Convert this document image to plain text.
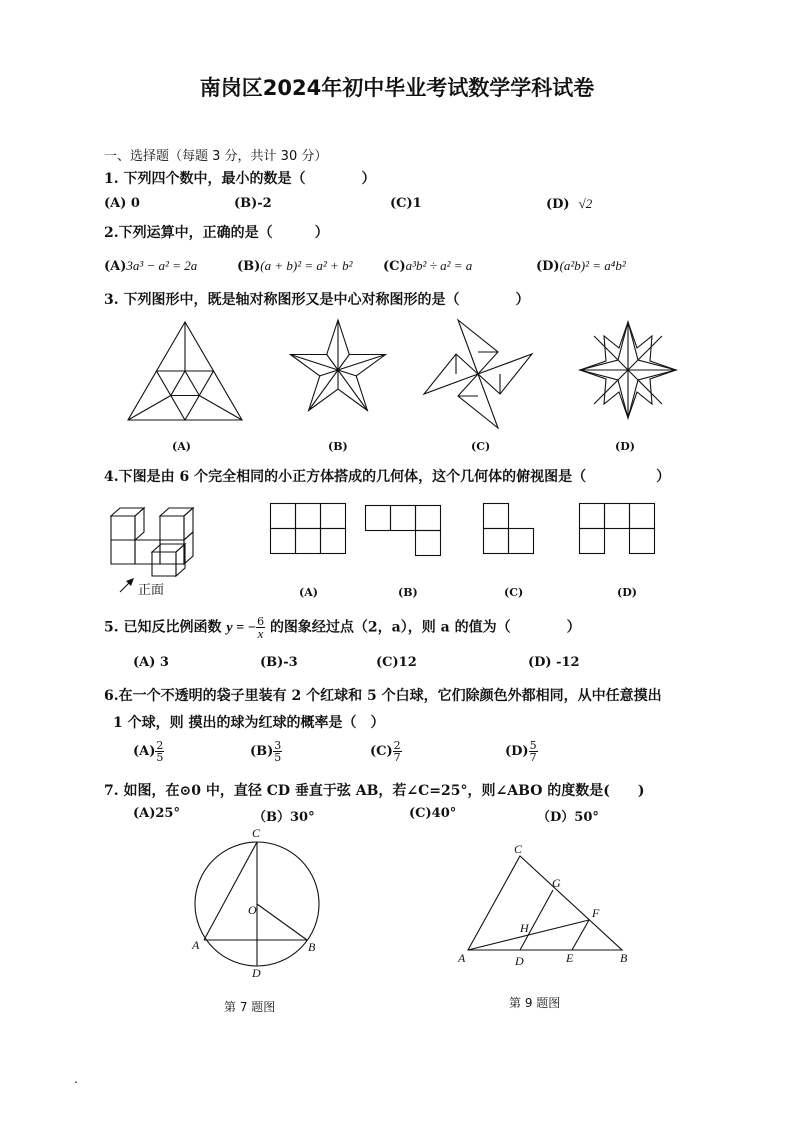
南岗区2024年初中毕业考试数学学科试卷
一、选择题（每题 3 分，共计 30 分）
1. 下列四个数中，最小的数是（　　　　）
(A) 0	(B)-2	(C)1	(D) √2
2.下列运算中，正确的是（　　　）
(A)3a³ − a² = 2a	(B)(a + b)² = a² + b² (C)a³b² ÷ a² = a	(D)(a²b)² = a⁴b²
3. 下列图形中，既是轴对称图形又是中心对称图形的是（　　　　）
(A)	(B)	(C)	(D)
4.下图是由 6 个完全相同的小正方体搭成的几何体，这个几何体的俯视图是（　　　　　）
正面	(A)	(B)	(C)	(D)
5. 已知反比例函数 y = − $\frac{6}{x}$ 的图象经过点（2，a），则 a 的值为（　　　　）
(A) 3	(B)-3	(C)12	(D) -12
6.在一个不透明的袋子里装有 2 个红球和 5 个白球，它们除颜色外都相同，从中任意摸出
1 个球，则 摸出的球为红球的概率是（　）
$(A) \frac{2}{5}$	$(B) \frac{3}{5}$	$(C) \frac{2}{7}$	$(D) \frac{5}{7}$
7. 如图，在⊙0 中，直径 CD 垂直于弦 AB，若∠C=25°，则∠ABO 的度数是(　　)
(A)25°	（B）30°	(C)40°	（D）50°
C
O
A	B
D
第 7 题图
C
G
F
H
A	D	E	B
第 9 题图
.
